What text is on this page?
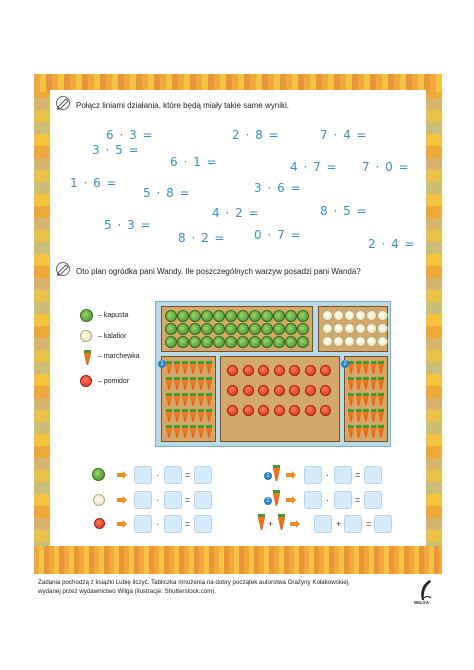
Połącz liniami działania, które będą miały takie same wyniki.
6 · 3 =	2 · 8 =	7 · 4 =
3 · 5 =
6 · 1 =	4 · 7 = 7 · 0 =
1 · 6 =
5 · 8 =	3 · 6 =
4 · 2 =	8 · 5 =
5 · 3 =
8 · 2 = 0 · 7 =
2 · 4 =
Oto plan ogródka pani Wandy. Ile poszczególnych warzyw posadzi pani Wanda?
– kapusta
– kalafior
– marchewka
– pomidor
1	2
·	=
·	=
·	=
1	·	=
2	·	=
+	+	=
Zadania pochodzą z książki Lubię liczyć. Tabliczka mnożenia na dobry początek autorstwa Grażyny Kołakowskiej,
wydanej przez wydawnictwo Wilga (ilustracje: Shutterstock.com).
WILGA
